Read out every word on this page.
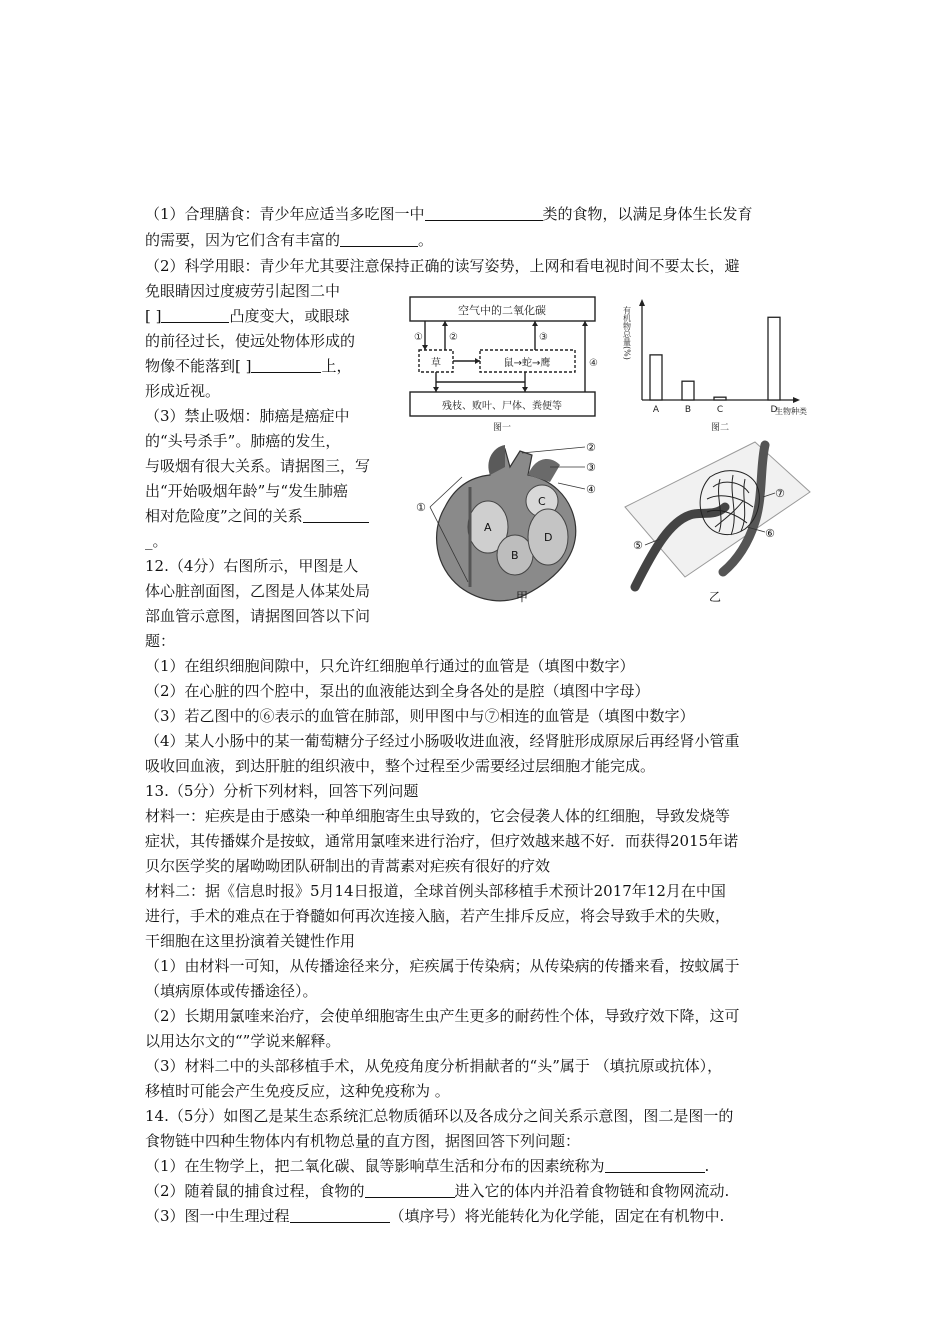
（1）合理膳食：青少年应适当多吃图一中	类的食物，以满足身体生长发育
的需要，因为它们含有丰富的	。
（2）科学用眼：青少年尤其要注意保持正确的读写姿势，上网和看电视时间不要太长，避
免眼睛因过度疲劳引起图二中
[ ]	凸度变大，或眼球
的前径过长，使远处物体形成的
物像不能落到[ ]	上，
形成近视。
（3）禁止吸烟：肺癌是癌症中
的“头号杀手”。肺癌的发生，
与吸烟有很大关系。请据图三，写
出“开始吸烟年龄”与“发生肺癌
相对危险度”之间的关系
_。
12.（4分）右图所示，甲图是人
体心脏剖面图，乙图是人体某处局
部血管示意图，请据图回答以下问
题：
（1）在组织细胞间隙中，只允许红细胞单行通过的血管是（填图中数字）
（2）在心脏的四个腔中，泵出的血液能达到全身各处的是腔（填图中字母）
（3）若乙图中的⑥表示的血管在肺部，则甲图中与⑦相连的血管是（填图中数字）
（4）某人小肠中的某一葡萄糖分子经过小肠吸收进血液，经肾脏形成原尿后再经肾小管重
吸收回血液，到达肝脏的组织液中，整个过程至少需要经过层细胞才能完成。
13.（5分）分析下列材料，回答下列问题
材料一：疟疾是由于感染一种单细胞寄生虫导致的，它会侵袭人体的红细胞，导致发烧等
症状，其传播媒介是按蚊，通常用氯喹来进行治疗，但疗效越来越不好．而获得2015年诺
贝尔医学奖的屠呦呦团队研制出的青蒿素对疟疾有很好的疗效
材料二：据《信息时报》5月14日报道，全球首例头部移植手术预计2017年12月在中国
进行，手术的难点在于脊髓如何再次连接入脑，若产生排斥反应，将会导致手术的失败，
干细胞在这里扮演着关键性作用
（1）由材料一可知，从传播途径来分，疟疾属于传染病；从传染病的传播来看，按蚊属于
（填病原体或传播途径）。
（2）长期用氯喹来治疗，会使单细胞寄生虫产生更多的耐药性个体，导致疗效下降，这可
以用达尔文的“”学说来解释。
（3）材料二中的头部移植手术，从免疫角度分析捐献者的“头”属于 （填抗原或抗体），
移植时可能会产生免疫反应，这种免疫称为 。
14.（5分）如图乙是某生态系统汇总物质循环以及各成分之间关系示意图，图二是图一的
食物链中四种生物体内有机物总量的直方图，据图回答下列问题：
（1）在生物学上，把二氧化碳、鼠等影响草生活和分布的因素统称为	.
（2）随着鼠的捕食过程，食物的	进入它的体内并沿着食物链和食物网流动.
（3）图一中生理过程	（填序号）将光能转化为化学能，固定在有机物中.
空气中的二氧化碳
草	鼠→蛇→鹰
残枝、败叶、尸体、粪便等
①	②	③
④
图一
有机物总量(%)
生物种类
图二
A	B	C	D
A
B
C
D
①
②
③
④
甲
⑤
⑥
⑦
乙
